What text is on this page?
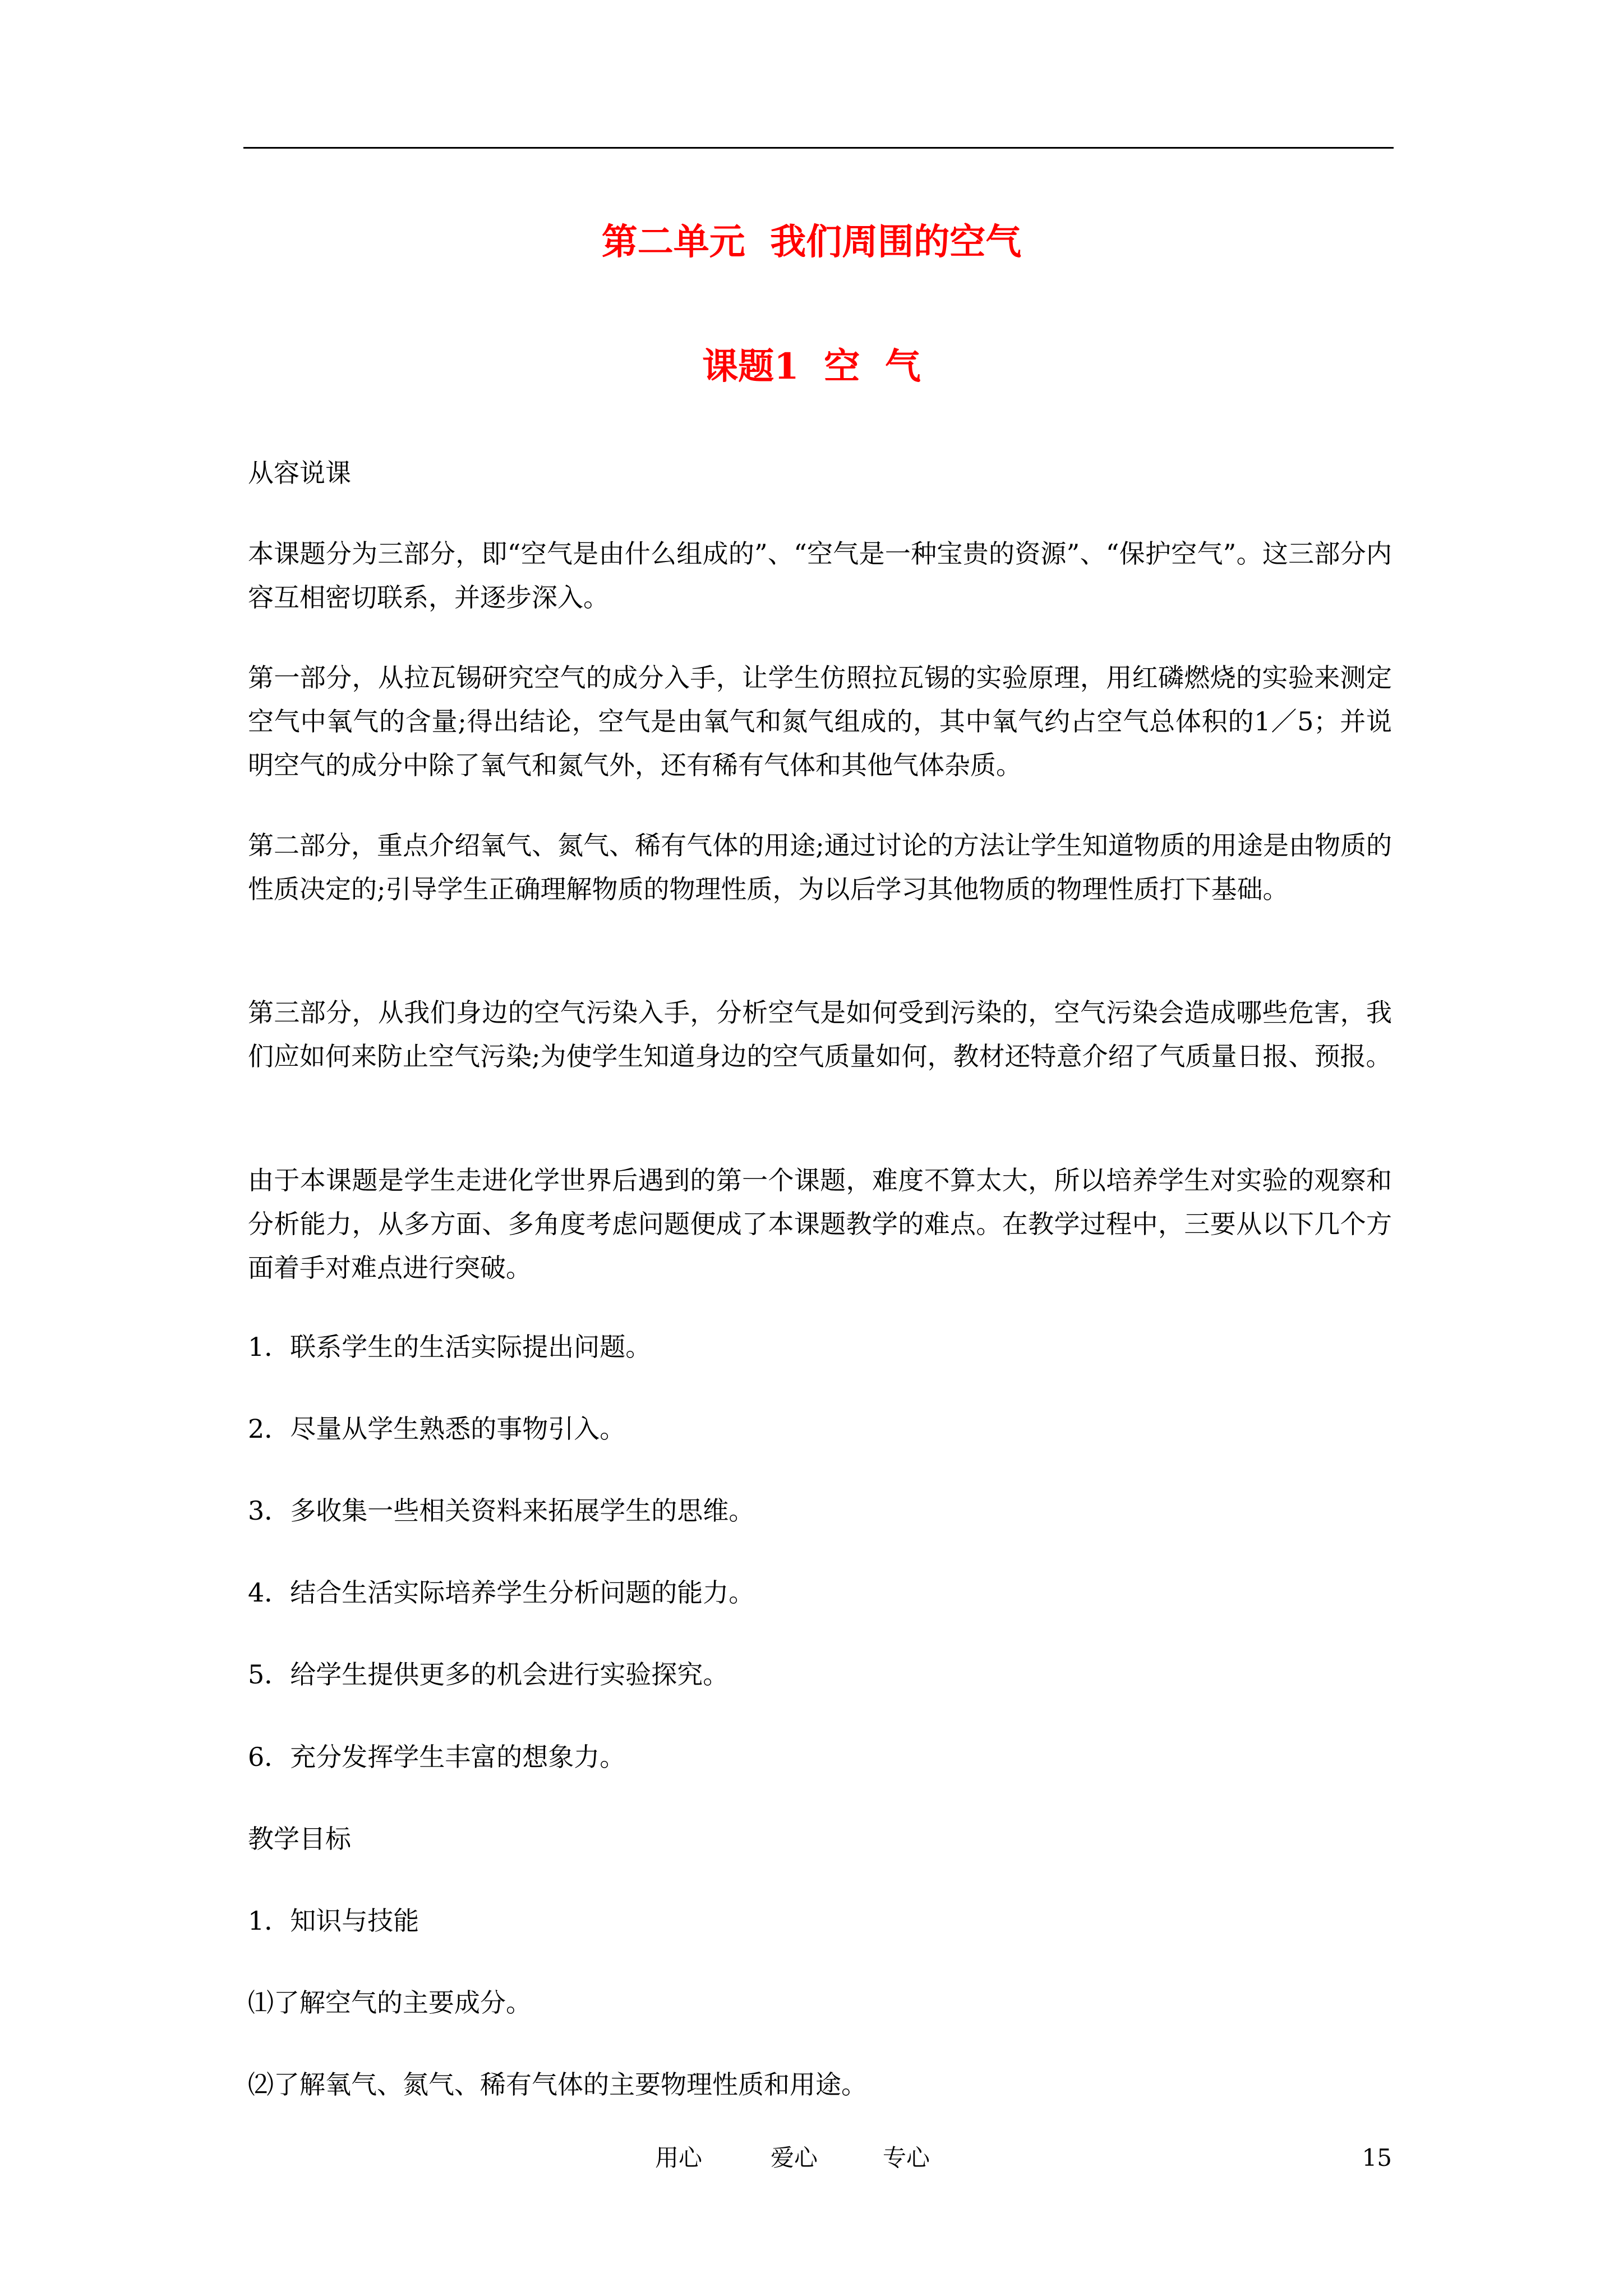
第二单元  我们周围的空气
课题1  空  气

从容说课

本课题分为三部分，即“空气是由什么组成的”、“空气是一种宝贵的资源”、“保护空气”。这三部分内容互相密切联系，并逐步深入。

第一部分，从拉瓦锡研究空气的成分入手，让学生仿照拉瓦锡的实验原理，用红磷燃烧的实验来测定空气中氧气的含量;得出结论，空气是由氧气和氮气组成的，其中氧气约占空气总体积的1／5；并说明空气的成分中除了氧气和氮气外，还有稀有气体和其他气体杂质。

第二部分，重点介绍氧气、氮气、稀有气体的用途;通过讨论的方法让学生知道物质的用途是由物质的性质决定的;引导学生正确理解物质的物理性质，为以后学习其他物质的物理性质打下基础。

第三部分，从我们身边的空气污染入手，分析空气是如何受到污染的，空气污染会造成哪些危害，我们应如何来防止空气污染;为使学生知道身边的空气质量如何，教材还特意介绍了气质量日报、预报。

由于本课题是学生走进化学世界后遇到的第一个课题，难度不算太大，所以培养学生对实验的观察和分析能力，从多方面、多角度考虑问题便成了本课题教学的难点。在教学过程中，三要从以下几个方面着手对难点进行突破。

1．联系学生的生活实际提出问题。

2．尽量从学生熟悉的事物引入。

3．多收集一些相关资料来拓展学生的思维。

4．结合生活实际培养学生分析问题的能力。

5．给学生提供更多的机会进行实验探究。

6．充分发挥学生丰富的想象力。

教学目标

1．知识与技能

⑴了解空气的主要成分。

⑵了解氧气、氮气、稀有气体的主要物理性质和用途。

用心	爱心	专心	15
